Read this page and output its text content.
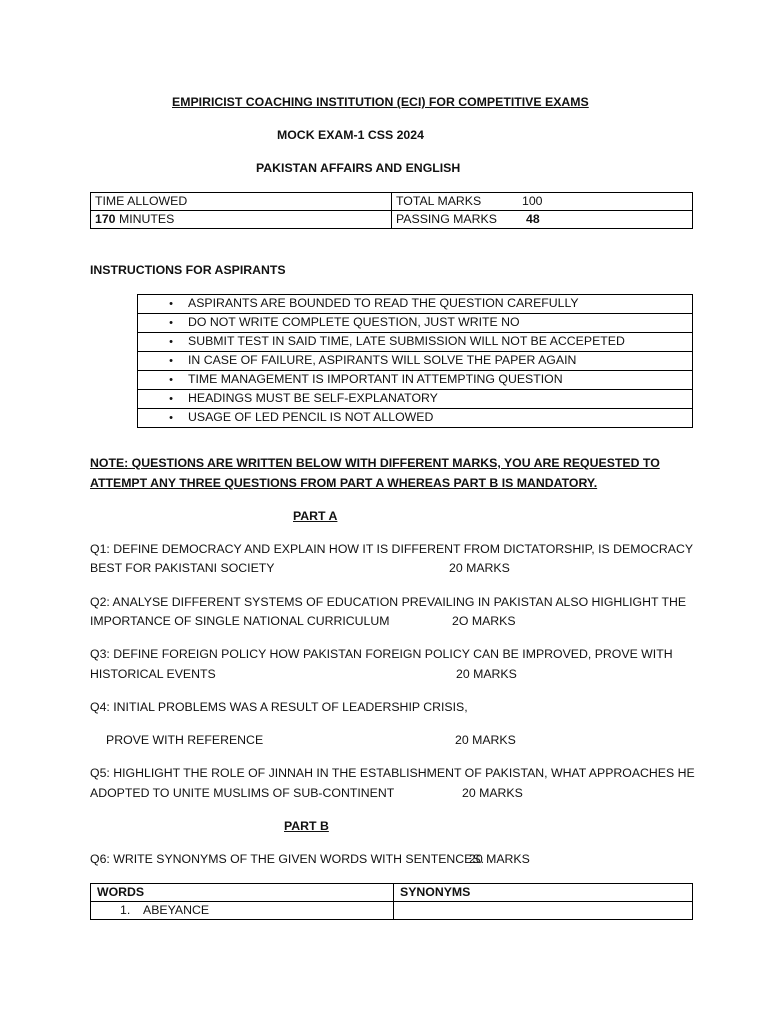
EMPIRICIST COACHING INSTITUTION (ECI) FOR COMPETITIVE EXAMS
MOCK EXAM-1 CSS 2024
PAKISTAN AFFAIRS AND ENGLISH
TIME ALLOWED	TOTAL MARKS 100
170 MINUTES	PASSING MARKS 48
INSTRUCTIONS FOR ASPIRANTS
• ASPIRANTS ARE BOUNDED TO READ THE QUESTION CAREFULLY
• DO NOT WRITE COMPLETE QUESTION, JUST WRITE NO
• SUBMIT TEST IN SAID TIME, LATE SUBMISSION WILL NOT BE ACCEPETED
• IN CASE OF FAILURE, ASPIRANTS WILL SOLVE THE PAPER AGAIN
• TIME MANAGEMENT IS IMPORTANT IN ATTEMPTING QUESTION
• HEADINGS MUST BE SELF-EXPLANATORY
• USAGE OF LED PENCIL IS NOT ALLOWED
NOTE: QUESTIONS ARE WRITTEN BELOW WITH DIFFERENT MARKS, YOU ARE REQUESTED TO
ATTEMPT ANY THREE QUESTIONS FROM PART A WHEREAS PART B IS MANDATORY.
PART A
Q1: DEFINE DEMOCRACY AND EXPLAIN HOW IT IS DIFFERENT FROM DICTATORSHIP, IS DEMOCRACY
BEST FOR PAKISTANI SOCIETY	20 MARKS
Q2: ANALYSE DIFFERENT SYSTEMS OF EDUCATION PREVAILING IN PAKISTAN ALSO HIGHLIGHT THE
IMPORTANCE OF SINGLE NATIONAL CURRICULUM	2O MARKS
Q3: DEFINE FOREIGN POLICY HOW PAKISTAN FOREIGN POLICY CAN BE IMPROVED, PROVE WITH
HISTORICAL EVENTS	20 MARKS
Q4: INITIAL PROBLEMS WAS A RESULT OF LEADERSHIP CRISIS,
PROVE WITH REFERENCE	20 MARKS
Q5: HIGHLIGHT THE ROLE OF JINNAH IN THE ESTABLISHMENT OF PAKISTAN, WHAT APPROACHES HE
ADOPTED TO UNITE MUSLIMS OF SUB-CONTINENT	20 MARKS
PART B
Q6: WRITE SYNONYMS OF THE GIVEN WORDS WITH SENTENCES.
20 MARKS
WORDS	SYNONYMS
1. ABEYANCE	
